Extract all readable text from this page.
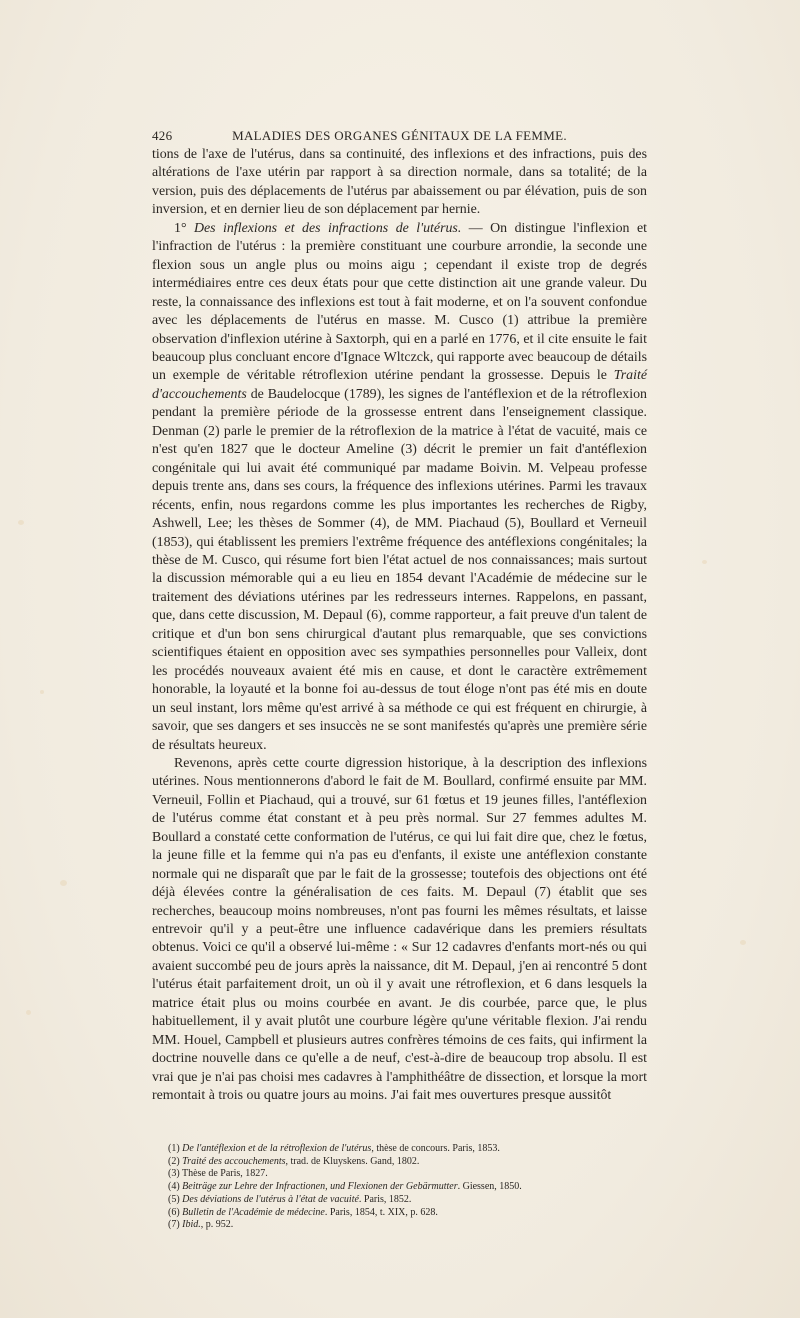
426	MALADIES DES ORGANES GÉNITAUX DE LA FEMME.

tions de l'axe de l'utérus, dans sa continuité, des inflexions et des infractions, puis des altérations de l'axe utérin par rapport à sa direction normale, dans sa totalité; de la version, puis des déplacements de l'utérus par abaissement ou par élévation, puis de son inversion, et en dernier lieu de son déplacement par hernie.

1° Des inflexions et des infractions de l'utérus. — On distingue l'inflexion et l'infraction de l'utérus : la première constituant une courbure arrondie, la seconde une flexion sous un angle plus ou moins aigu ; cependant il existe trop de degrés intermédiaires entre ces deux états pour que cette distinction ait une grande valeur. Du reste, la connaissance des inflexions est tout à fait moderne, et on l'a souvent confondue avec les déplacements de l'utérus en masse. M. Cusco (1) attribue la première observation d'inflexion utérine à Saxtorph, qui en a parlé en 1776, et il cite ensuite le fait beaucoup plus concluant encore d'Ignace Wltczck, qui rapporte avec beaucoup de détails un exemple de véritable rétroflexion utérine pendant la grossesse. Depuis le Traité d'accouchements de Baudelocque (1789), les signes de l'antéflexion et de la rétroflexion pendant la première période de la grossesse entrent dans l'enseignement classique. Denman (2) parle le premier de la rétroflexion de la matrice à l'état de vacuité, mais ce n'est qu'en 1827 que le docteur Ameline (3) décrit le premier un fait d'antéflexion congénitale qui lui avait été communiqué par madame Boivin. M. Velpeau professe depuis trente ans, dans ses cours, la fréquence des inflexions utérines. Parmi les travaux récents, enfin, nous regardons comme les plus importantes les recherches de Rigby, Ashwell, Lee; les thèses de Sommer (4), de MM. Piachaud (5), Boullard et Verneuil (1853), qui établissent les premiers l'extrême fréquence des antéflexions congénitales; la thèse de M. Cusco, qui résume fort bien l'état actuel de nos connaissances; mais surtout la discussion mémorable qui a eu lieu en 1854 devant l'Académie de médecine sur le traitement des déviations utérines par les redresseurs internes. Rappelons, en passant, que, dans cette discussion, M. Depaul (6), comme rapporteur, a fait preuve d'un talent de critique et d'un bon sens chirurgical d'autant plus remarquable, que ses convictions scientifiques étaient en opposition avec ses sympathies personnelles pour Valleix, dont les procédés nouveaux avaient été mis en cause, et dont le caractère extrêmement honorable, la loyauté et la bonne foi au-dessus de tout éloge n'ont pas été mis en doute un seul instant, lors même qu'est arrivé à sa méthode ce qui est fréquent en chirurgie, à savoir, que ses dangers et ses insuccès ne se sont manifestés qu'après une première série de résultats heureux.

Revenons, après cette courte digression historique, à la description des inflexions utérines. Nous mentionnerons d'abord le fait de M. Boullard, confirmé ensuite par MM. Verneuil, Follin et Piachaud, qui a trouvé, sur 61 fœtus et 19 jeunes filles, l'antéflexion de l'utérus comme état constant et à peu près normal. Sur 27 femmes adultes M. Boullard a constaté cette conformation de l'utérus, ce qui lui fait dire que, chez le fœtus, la jeune fille et la femme qui n'a pas eu d'enfants, il existe une antéflexion constante normale qui ne disparaît que par le fait de la grossesse; toutefois des objections ont été déjà élevées contre la généralisation de ces faits. M. Depaul (7) établit que ses recherches, beaucoup moins nombreuses, n'ont pas fourni les mêmes résultats, et laisse entrevoir qu'il y a peut-être une influence cadavérique dans les premiers résultats obtenus. Voici ce qu'il a observé lui-même : « Sur 12 cadavres d'enfants mort-nés ou qui avaient succombé peu de jours après la naissance, dit M. Depaul, j'en ai rencontré 5 dont l'utérus était parfaitement droit, un où il y avait une rétroflexion, et 6 dans lesquels la matrice était plus ou moins courbée en avant. Je dis courbée, parce que, le plus habituellement, il y avait plutôt une courbure légère qu'une véritable flexion. J'ai rendu MM. Houel, Campbell et plusieurs autres confrères témoins de ces faits, qui infirment la doctrine nouvelle dans ce qu'elle a de neuf, c'est-à-dire de beaucoup trop absolu. Il est vrai que je n'ai pas choisi mes cadavres à l'amphithéâtre de dissection, et lorsque la mort remontait à trois ou quatre jours au moins. J'ai fait mes ouvertures presque aussitôt

(1) De l'antéflexion et de la rétroflexion de l'utérus, thèse de concours. Paris, 1853.
(2) Traité des accouchements, trad. de Kluyskens. Gand, 1802.
(3) Thèse de Paris, 1827.
(4) Beiträge zur Lehre der Infractionen, und Flexionen der Gebärmutter. Giessen, 1850.
(5) Des déviations de l'utérus à l'état de vacuité. Paris, 1852.
(6) Bulletin de l'Académie de médecine. Paris, 1854, t. XIX, p. 628.
(7) Ibid., p. 952.
